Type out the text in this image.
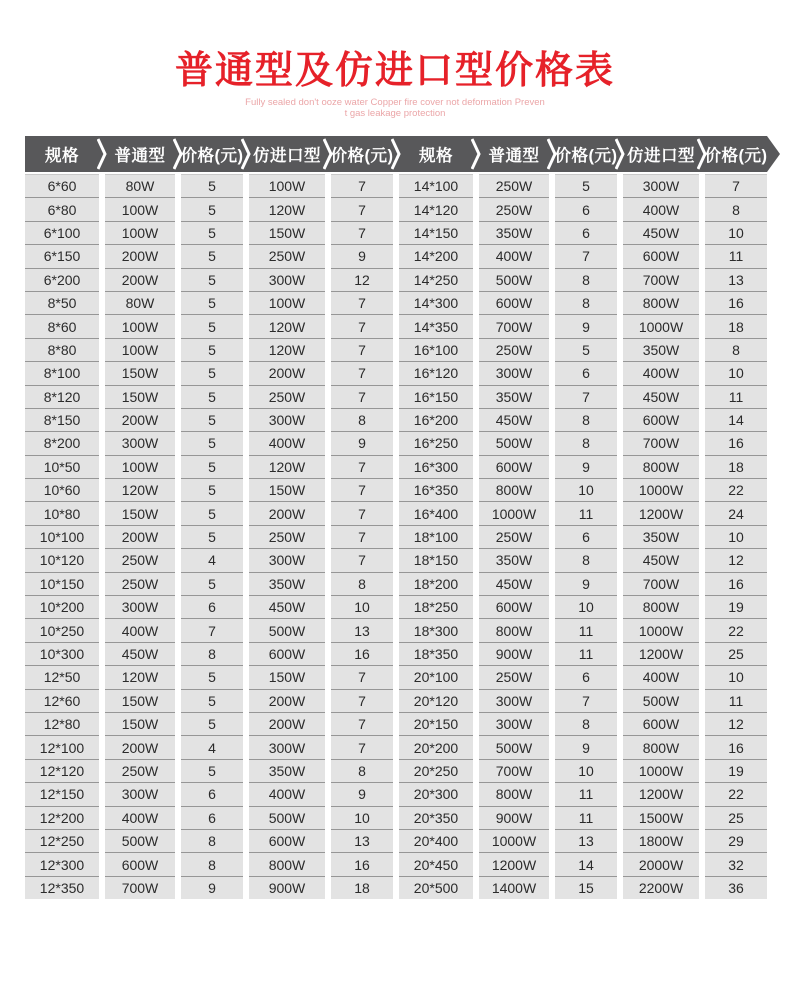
普通型及仿进口型价格表

Fully sealed don't ooze water Copper fire cover not deformation Preven
t gas leakage protection

规格 普通型 价格(元) 仿进口型 价格(元) 规格 普通型 价格(元) 仿进口型 价格(元)
6*60	80W	5	100W	7	14*100	250W	5	300W	7
6*80	100W	5	120W	7	14*120	250W	6	400W	8
6*100	100W	5	150W	7	14*150	350W	6	450W	10
6*150	200W	5	250W	9	14*200	400W	7	600W	11
6*200	200W	5	300W	12	14*250	500W	8	700W	13
8*50	80W	5	100W	7	14*300	600W	8	800W	16
8*60	100W	5	120W	7	14*350	700W	9	1000W	18
8*80	100W	5	120W	7	16*100	250W	5	350W	8
8*100	150W	5	200W	7	16*120	300W	6	400W	10
8*120	150W	5	250W	7	16*150	350W	7	450W	11
8*150	200W	5	300W	8	16*200	450W	8	600W	14
8*200	300W	5	400W	9	16*250	500W	8	700W	16
10*50	100W	5	120W	7	16*300	600W	9	800W	18
10*60	120W	5	150W	7	16*350	800W	10	1000W	22
10*80	150W	5	200W	7	16*400	1000W	11	1200W	24
10*100	200W	5	250W	7	18*100	250W	6	350W	10
10*120	250W	4	300W	7	18*150	350W	8	450W	12
10*150	250W	5	350W	8	18*200	450W	9	700W	16
10*200	300W	6	450W	10	18*250	600W	10	800W	19
10*250	400W	7	500W	13	18*300	800W	11	1000W	22
10*300	450W	8	600W	16	18*350	900W	11	1200W	25
12*50	120W	5	150W	7	20*100	250W	6	400W	10
12*60	150W	5	200W	7	20*120	300W	7	500W	11
12*80	150W	5	200W	7	20*150	300W	8	600W	12
12*100	200W	4	300W	7	20*200	500W	9	800W	16
12*120	250W	5	350W	8	20*250	700W	10	1000W	19
12*150	300W	6	400W	9	20*300	800W	11	1200W	22
12*200	400W	6	500W	10	20*350	900W	11	1500W	25
12*250	500W	8	600W	13	20*400	1000W	13	1800W	29
12*300	600W	8	800W	16	20*450	1200W	14	2000W	32
12*350	700W	9	900W	18	20*500	1400W	15	2200W	36
